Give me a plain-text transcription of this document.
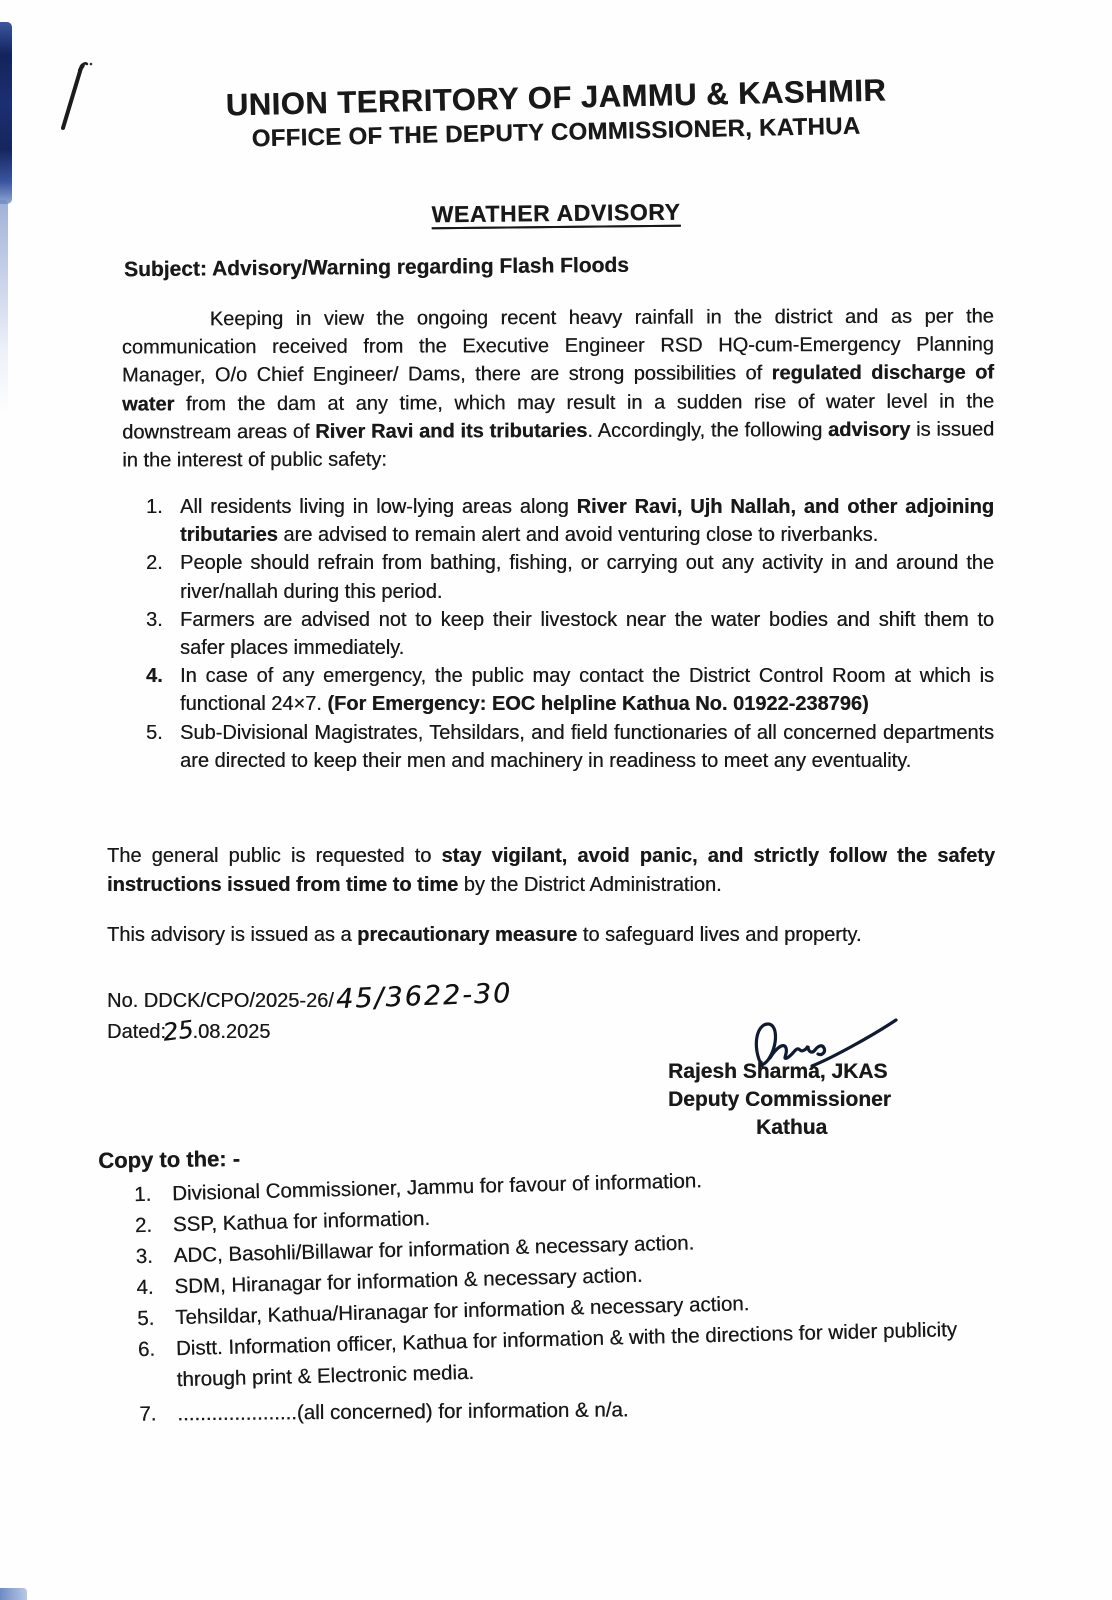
UNION TERRITORY OF JAMMU & KASHMIR
OFFICE OF THE DEPUTY COMMISSIONER, KATHUA
WEATHER ADVISORY
Subject: Advisory/Warning regarding Flash Floods
Keeping in view the ongoing recent heavy rainfall in the district and as per the communication received from the Executive Engineer RSD HQ-cum-Emergency Planning Manager, O/o Chief Engineer/ Dams, there are strong possibilities of regulated discharge of water from the dam at any time, which may result in a sudden rise of water level in the downstream areas of River Ravi and its tributaries. Accordingly, the following advisory is issued in the interest of public safety:
1. All residents living in low-lying areas along River Ravi, Ujh Nallah, and other adjoining tributaries are advised to remain alert and avoid venturing close to riverbanks.
2. People should refrain from bathing, fishing, or carrying out any activity in and around the river/nallah during this period.
3. Farmers are advised not to keep their livestock near the water bodies and shift them to safer places immediately.
4. In case of any emergency, the public may contact the District Control Room at which is functional 24×7. (For Emergency: EOC helpline Kathua No. 01922-238796)
5. Sub-Divisional Magistrates, Tehsildars, and field functionaries of all concerned departments are directed to keep their men and machinery in readiness to meet any eventuality.
The general public is requested to stay vigilant, avoid panic, and strictly follow the safety instructions issued from time to time by the District Administration.
This advisory is issued as a precautionary measure to safeguard lives and property.
No. DDCK/CPO/2025-26/45/3622-30
Dated:25.08.2025
Rajesh Sharma, JKAS
Deputy Commissioner
Kathua
Copy to the: -
1. Divisional Commissioner, Jammu for favour of information.
2. SSP, Kathua for information.
3. ADC, Basohli/Billawar for information & necessary action.
4. SDM, Hiranagar for information & necessary action.
5. Tehsildar, Kathua/Hiranagar for information & necessary action.
6. Distt. Information officer, Kathua for information & with the directions for wider publicity through print & Electronic media.
7.	.....................(all concerned) for information & n/a.
